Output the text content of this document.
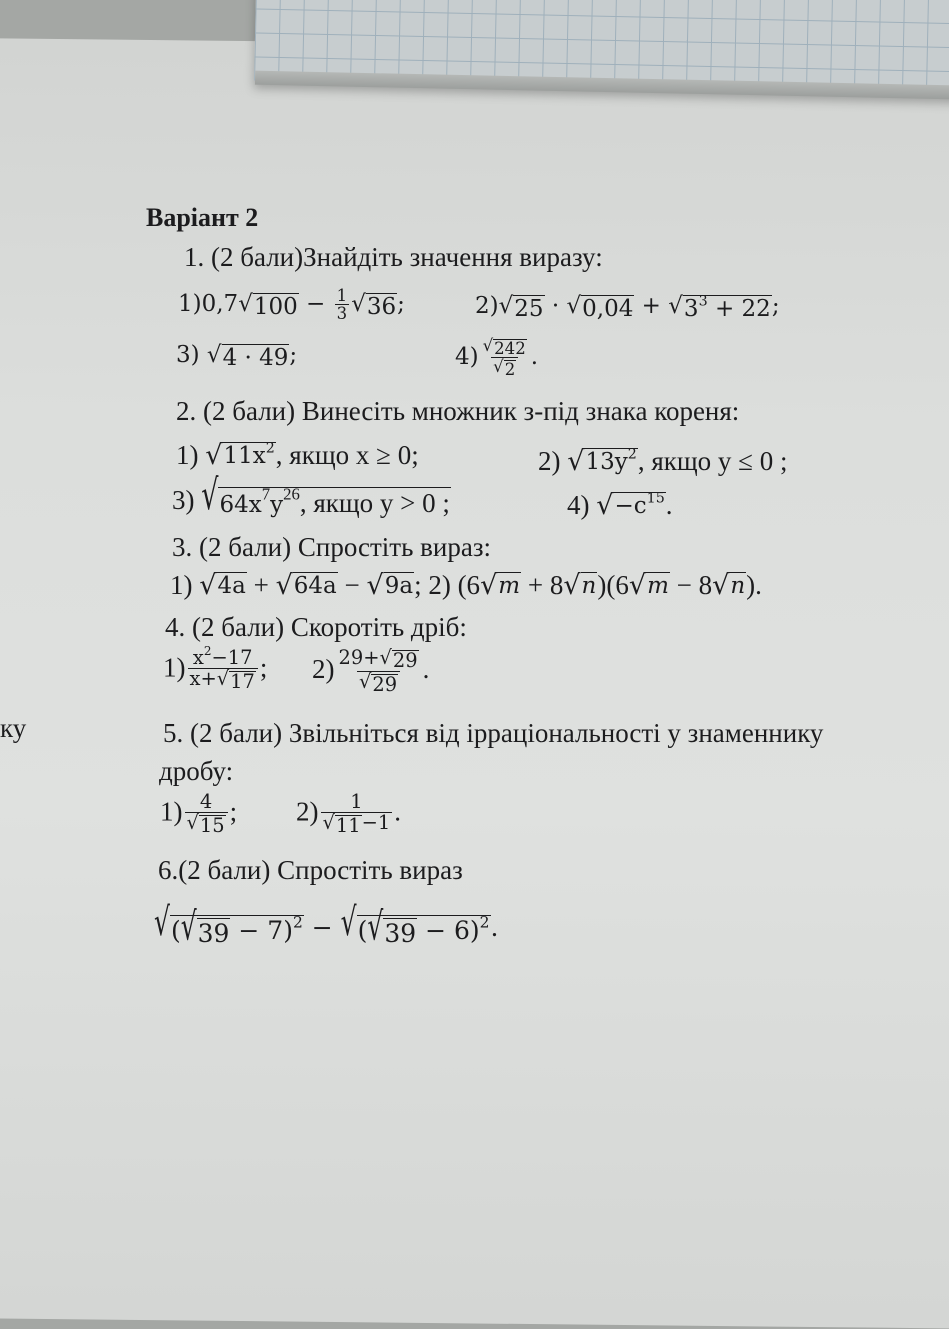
ку
Варіант 2
1. (2 бали)Знайдіть значення виразу:
1)0,7 √ $100 - \frac{1}{3}$ √ 36 ;	2) √ 25 · √ 0,04 + √ $3^3 + 22$ ;
3) √ 4 · 49 ;	$4) \frac{√ 242}{√ 2}$ .
2. (2 бали) Винесіть множник з-під знака кореня:
1) √ $11x^2$ , якщо x ≥ 0;	2) √ $13y^2$ , якщо y ≤ 0 ;
3) √ $64x^7y^{26}$, якщо y > 0 ;	4) √ $-c^{15}$ .
3. (2 бали) Спростіть вираз:
1) √ 4a + √ 64a − √ 9a ; 2) (6 √ m + 8 √ n )(6 √ m − 8 √ n ).
4. (2 бали) Скоротіть дріб:
$1) \frac{x^2-17}{x+ √ 17}$ ; $2) \frac{29+ √ 29}{√ 29}$ .
5. (2 бали) Звільніться від ірраціональності у знаменнику
дробу:
$1) \frac{4}{√ 15}$ ; $2) \frac{1}{√ 11 -1}$ .
6.(2 бали) Спростіть вираз
√ ( √ 39 − 7)$^2$ − √ ( √ 39 − 6)$^2$ .
